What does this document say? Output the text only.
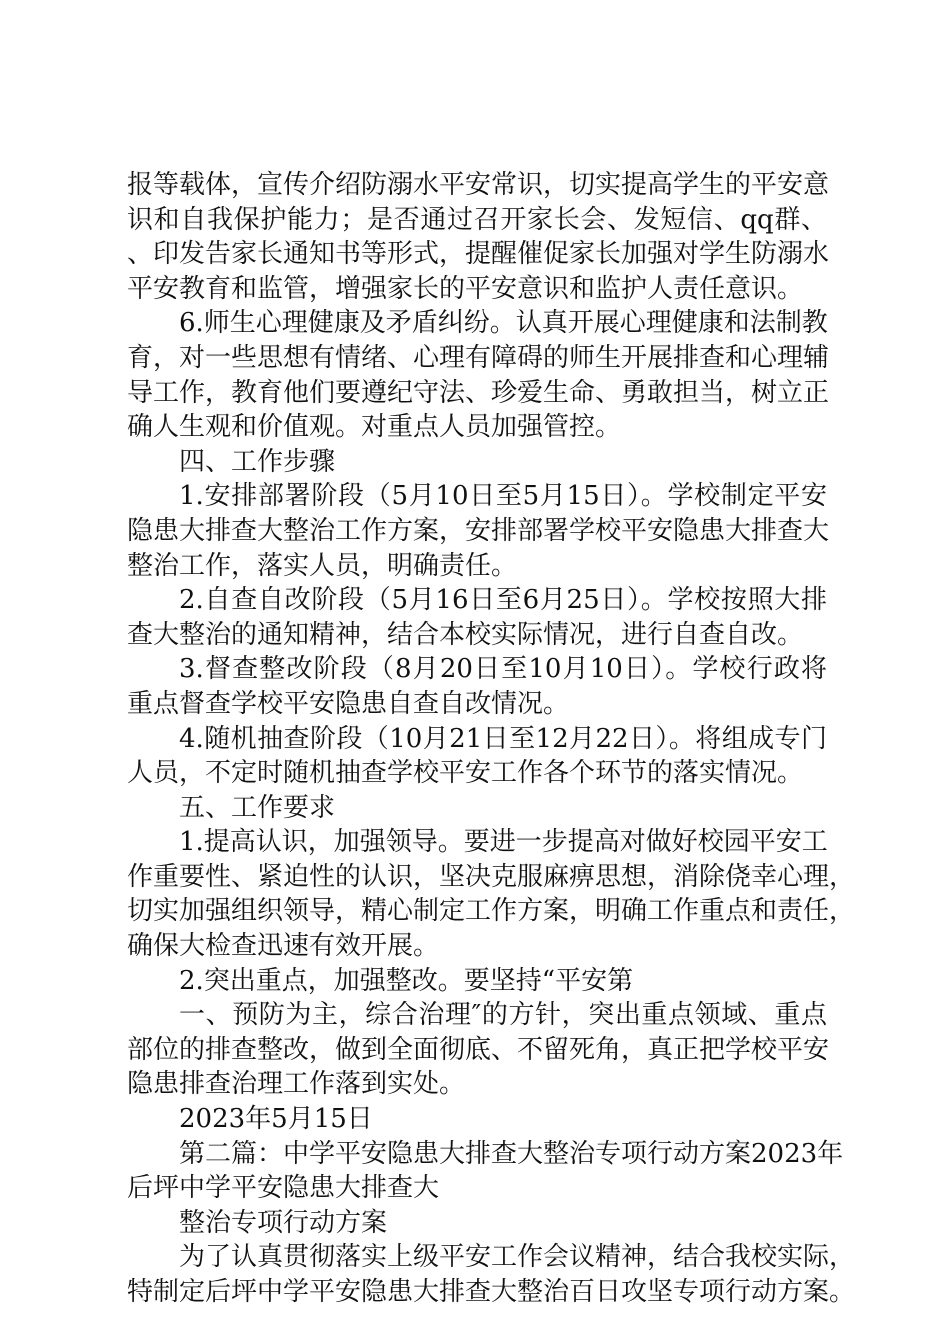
报等载体，宣传介绍防溺水平安常识，切实提高学生的平安意
识和自我保护能力；是否通过召开家长会、发短信、qq群、
、印发告家长通知书等形式，提醒催促家长加强对学生防溺水
平安教育和监管，增强家长的平安意识和监护人责任意识。
6.师生心理健康及矛盾纠纷。认真开展心理健康和法制教
育，对一些思想有情绪、心理有障碍的师生开展排查和心理辅
导工作，教育他们要遵纪守法、珍爱生命、勇敢担当，树立正
确人生观和价值观。对重点人员加强管控。
四、工作步骤
1.安排部署阶段（5月10日至5月15日）。学校制定平安
隐患大排查大整治工作方案，安排部署学校平安隐患大排查大
整治工作，落实人员，明确责任。
2.自查自改阶段（5月16日至6月25日）。学校按照大排
查大整治的通知精神，结合本校实际情况，进行自查自改。
3.督查整改阶段（8月20日至10月10日）。学校行政将
重点督查学校平安隐患自查自改情况。
4.随机抽查阶段（10月21日至12月22日）。将组成专门
人员，不定时随机抽查学校平安工作各个环节的落实情况。
五、工作要求
1.提高认识，加强领导。要进一步提高对做好校园平安工
作重要性、紧迫性的认识，坚决克服麻痹思想，消除侥幸心理，
切实加强组织领导，精心制定工作方案，明确工作重点和责任，
确保大检查迅速有效开展。
2.突出重点，加强整改。要坚持“平安第
一、预防为主，综合治理″的方针，突出重点领域、重点
部位的排查整改，做到全面彻底、不留死角，真正把学校平安
隐患排查治理工作落到实处。
2023年5月15日
第二篇：中学平安隐患大排查大整治专项行动方案2023年
后坪中学平安隐患大排查大
整治专项行动方案
为了认真贯彻落实上级平安工作会议精神，结合我校实际，
特制定后坪中学平安隐患大排查大整治百日攻坚专项行动方案。
